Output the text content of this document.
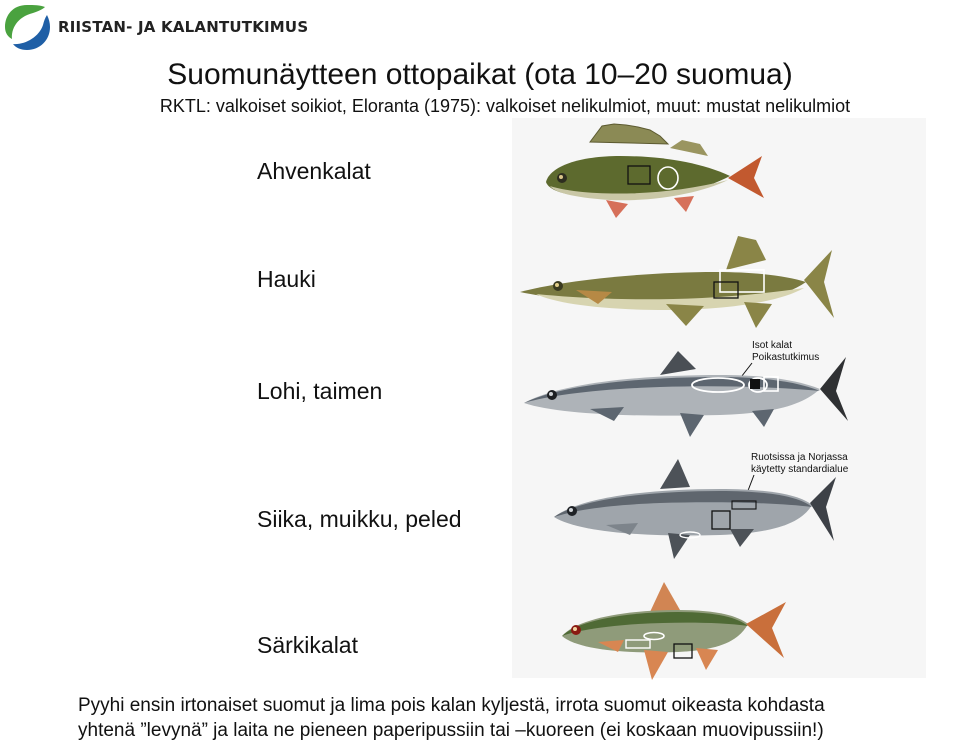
RIISTAN- JA KALANTUTKIMUS
Suomunäytteen ottopaikat (ota 10–20 suomua)
RKTL: valkoiset soikiot, Eloranta (1975): valkoiset nelikulmiot, muut: mustat nelikulmiot
Ahvenkalat
Hauki
Lohi, taimen
Siika, muikku, peled
Särkikalat
Isot kalat
Poikastutkimus
Ruotsissa ja Norjassa
käytetty standardialue
Pyyhi ensin irtonaiset suomut ja lima pois kalan kyljestä, irrota suomut oikeasta kohdasta
yhtenä ”levynä” ja laita ne pieneen paperipussiin tai –kuoreen (ei koskaan muovipussiin!)
